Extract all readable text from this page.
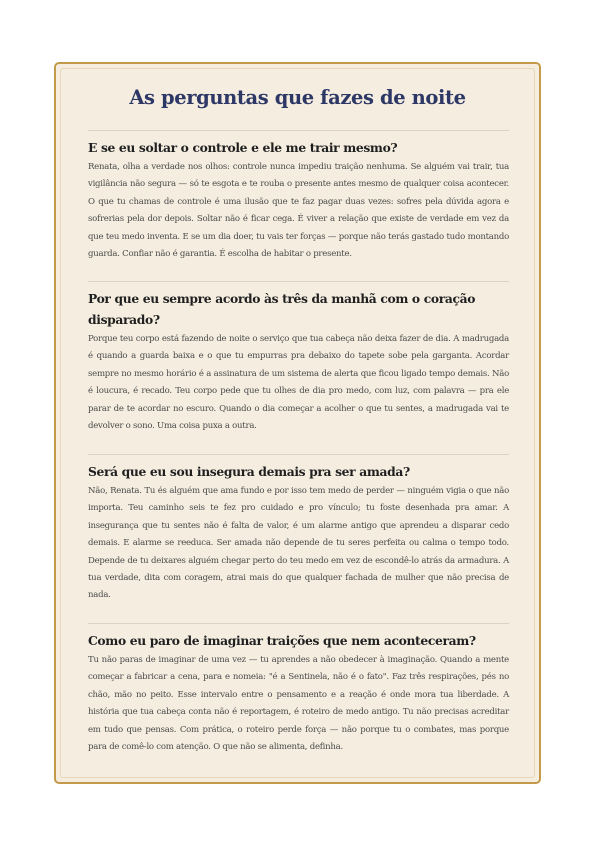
As perguntas que fazes de noite
E se eu soltar o controle e ele me trair mesmo?

Renata, olha a verdade nos olhos: controle nunca impediu traição nenhuma. Se alguém vai trair, tua vigilância não segura — só te esgota e te rouba o presente antes mesmo de qualquer coisa acontecer. O que tu chamas de controle é uma ilusão que te faz pagar duas vezes: sofres pela dúvida agora e sofrerias pela dor depois. Soltar não é ficar cega. É viver a relação que existe de verdade em vez da que teu medo inventa. E se um dia doer, tu vais ter forças — porque não terás gastado tudo montando guarda. Confiar não é garantia. É escolha de habitar o presente.

Por que eu sempre acordo às três da manhã com o coração disparado?

Porque teu corpo está fazendo de noite o serviço que tua cabeça não deixa fazer de dia. A madrugada é quando a guarda baixa e o que tu empurras pra debaixo do tapete sobe pela garganta. Acordar sempre no mesmo horário é a assinatura de um sistema de alerta que ficou ligado tempo demais. Não é loucura, é recado. Teu corpo pede que tu olhes de dia pro medo, com luz, com palavra — pra ele parar de te acordar no escuro. Quando o dia começar a acolher o que tu sentes, a madrugada vai te devolver o sono. Uma coisa puxa a outra.

Será que eu sou insegura demais pra ser amada?

Não, Renata. Tu és alguém que ama fundo e por isso tem medo de perder — ninguém vigia o que não importa. Teu caminho seis te fez pro cuidado e pro vínculo; tu foste desenhada pra amar. A insegurança que tu sentes não é falta de valor, é um alarme antigo que aprendeu a disparar cedo demais. E alarme se reeduca. Ser amada não depende de tu seres perfeita ou calma o tempo todo. Depende de tu deixares alguém chegar perto do teu medo em vez de escondê-lo atrás da armadura. A tua verdade, dita com coragem, atrai mais do que qualquer fachada de mulher que não precisa de nada.

Como eu paro de imaginar traições que nem aconteceram?

Tu não paras de imaginar de uma vez — tu aprendes a não obedecer à imaginação. Quando a mente começar a fabricar a cena, para e nomeia: "é a Sentinela, não é o fato". Faz três respirações, pés no chão, mão no peito. Esse intervalo entre o pensamento e a reação é onde mora tua liberdade. A história que tua cabeça conta não é reportagem, é roteiro de medo antigo. Tu não precisas acreditar em tudo que pensas. Com prática, o roteiro perde força — não porque tu o combates, mas porque para de comê-lo com atenção. O que não se alimenta, definha.
